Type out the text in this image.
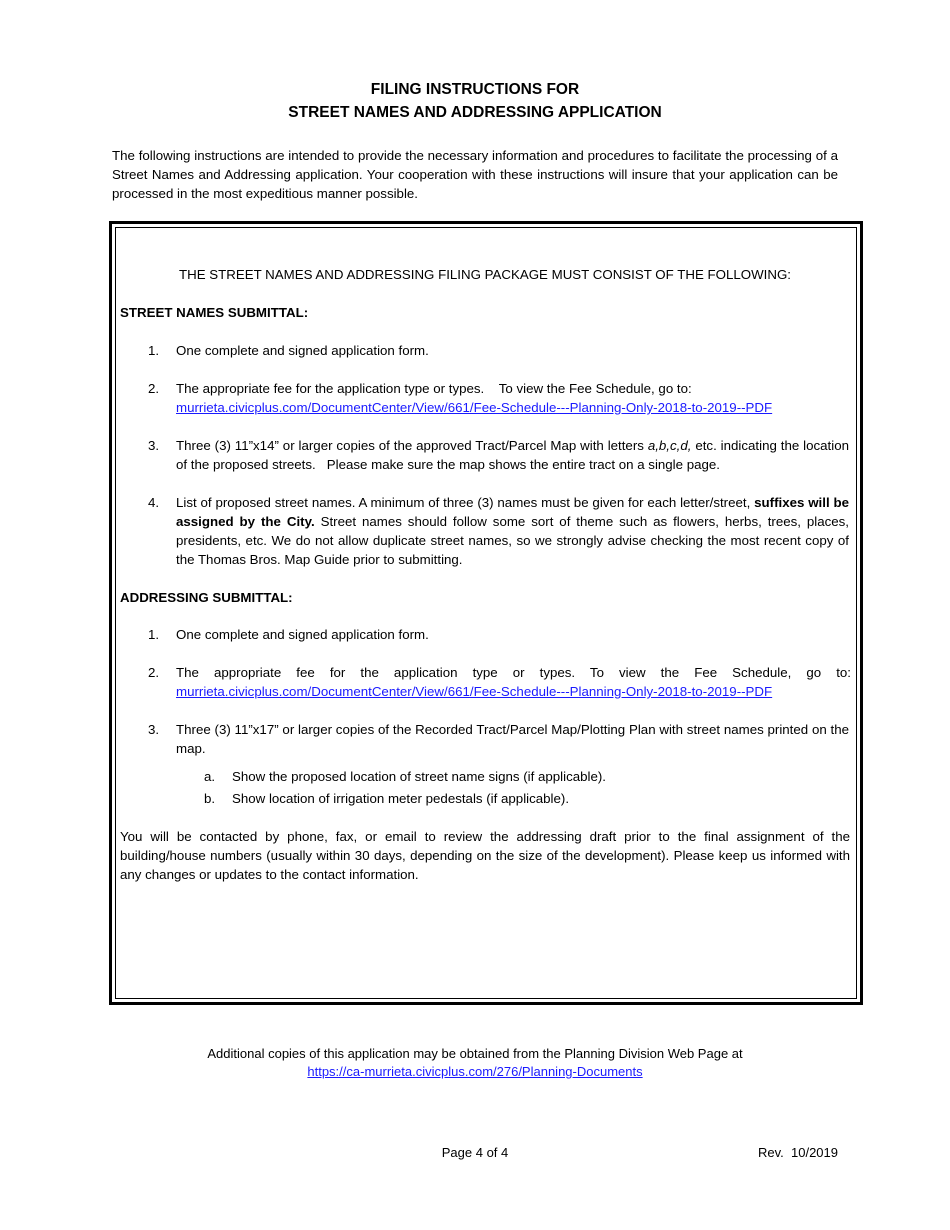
FILING INSTRUCTIONS FOR
STREET NAMES AND ADDRESSING APPLICATION
The following instructions are intended to provide the necessary information and procedures to facilitate the processing of a Street Names and Addressing application. Your cooperation with these instructions will insure that your application can be processed in the most expeditious manner possible.
THE STREET NAMES AND ADDRESSING FILING PACKAGE MUST CONSIST OF THE FOLLOWING:
STREET NAMES SUBMITTAL:
1. One complete and signed application form.
2. The appropriate fee for the application type or types.    To view the Fee Schedule, go to:
murrieta.civicplus.com/DocumentCenter/View/661/Fee-Schedule---Planning-Only-2018-to-2019--PDF
3. Three (3) 11”x14” or larger copies of the approved Tract/Parcel Map with letters a,b,c,d, etc. indicating the location of the proposed streets.   Please make sure the map shows the entire tract on a single page.
4. List of proposed street names. A minimum of three (3) names must be given for each letter/street, suffixes will be assigned by the City. Street names should follow some sort of theme such as flowers, herbs, trees, places, presidents, etc. We do not allow duplicate street names, so we strongly advise checking the most recent copy of the Thomas Bros. Map Guide prior to submitting.
ADDRESSING SUBMITTAL:
1. One complete and signed application form.
2. The appropriate fee for the application type or types. To view the Fee Schedule, go to:
murrieta.civicplus.com/DocumentCenter/View/661/Fee-Schedule---Planning-Only-2018-to-2019--PDF
3. Three (3) 11”x17” or larger copies of the Recorded Tract/Parcel Map/Plotting Plan with street names printed on the map.
a. Show the proposed location of street name signs (if applicable).
b. Show location of irrigation meter pedestals (if applicable).
You will be contacted by phone, fax, or email to review the addressing draft prior to the final assignment of the building/house numbers (usually within 30 days, depending on the size of the development). Please keep us informed with any changes or updates to the contact information.
Additional copies of this application may be obtained from the Planning Division Web Page at
https://ca-murrieta.civicplus.com/276/Planning-Documents
Page 4 of 4	Rev.  10/2019
